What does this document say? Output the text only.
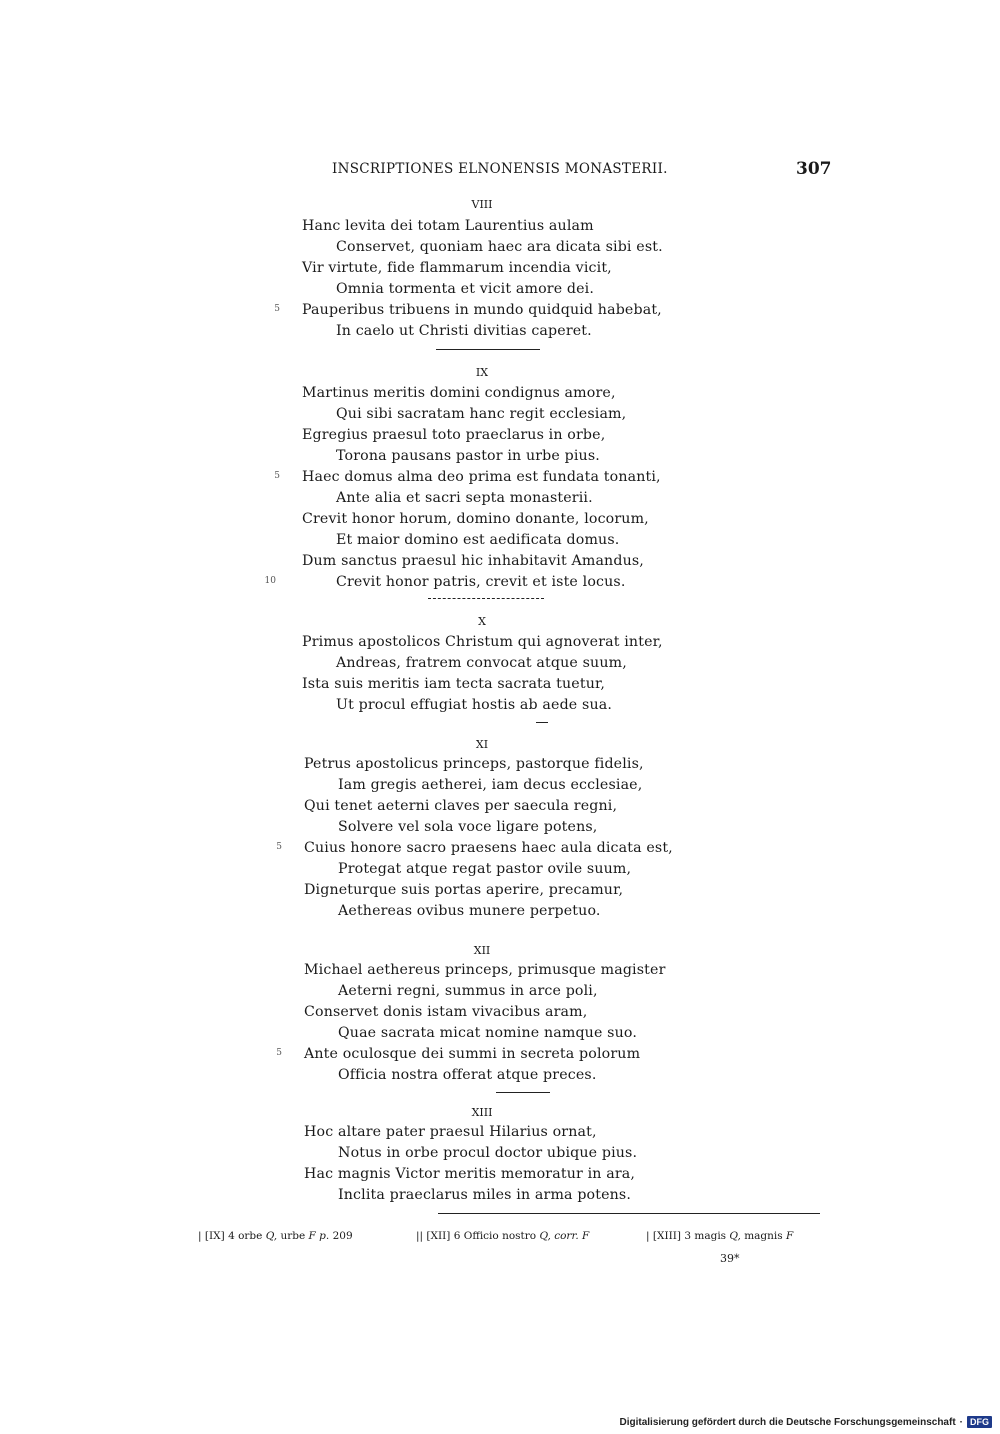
INSCRIPTIONES ELNONENSIS MONASTERII.	307
VIII
Hanc levita dei totam Laurentius aulam
Conservet, quoniam haec ara dicata sibi est.
Vir virtute, fide flammarum incendia vicit,
Omnia tormenta et vicit amore dei.
5 Pauperibus tribuens in mundo quidquid habebat,
In caelo ut Christi divitias caperet.
IX
Martinus meritis domini condignus amore,
Qui sibi sacratam hanc regit ecclesiam,
Egregius praesul toto praeclarus in orbe,
Torona pausans pastor in urbe pius.
5 Haec domus alma deo prima est fundata tonanti,
Ante alia et sacri septa monasterii.
Crevit honor horum, domino donante, locorum,
Et maior domino est aedificata domus.
Dum sanctus praesul hic inhabitavit Amandus,
10	Crevit honor patris, crevit et iste locus.
X
Primus apostolicos Christum qui agnoverat inter,
Andreas, fratrem convocat atque suum,
Ista suis meritis iam tecta sacrata tuetur,
Ut procul effugiat hostis ab aede sua.
XI
Petrus apostolicus princeps, pastorque fidelis,
Iam gregis aetherei, iam decus ecclesiae,
Qui tenet aeterni claves per saecula regni,
Solvere vel sola voce ligare potens,
5 Cuius honore sacro praesens haec aula dicata est,
Protegat atque regat pastor ovile suum,
Digneturque suis portas aperire, precamur,
Aethereas ovibus munere perpetuo.
XII
Michael aethereus princeps, primusque magister
Aeterni regni, summus in arce poli,
Conservet donis istam vivacibus aram,
Quae sacrata micat nomine namque suo.
5 Ante oculosque dei summi in secreta polorum
Officia nostra offerat atque preces.
XIII
Hoc altare pater praesul Hilarius ornat,
Notus in orbe procul doctor ubique pius.
Hac magnis Victor meritis memoratur in ara,
Inclita praeclarus miles in arma potens.
| [IX] 4 orbe Q, urbe F p. 209	|| [XII] 6 Officio nostro Q, corr. F	| [XIII] 3 magis Q, magnis F
39*
Digitalisierung gefördert durch die Deutsche Forschungsgemeinschaft · DFG
